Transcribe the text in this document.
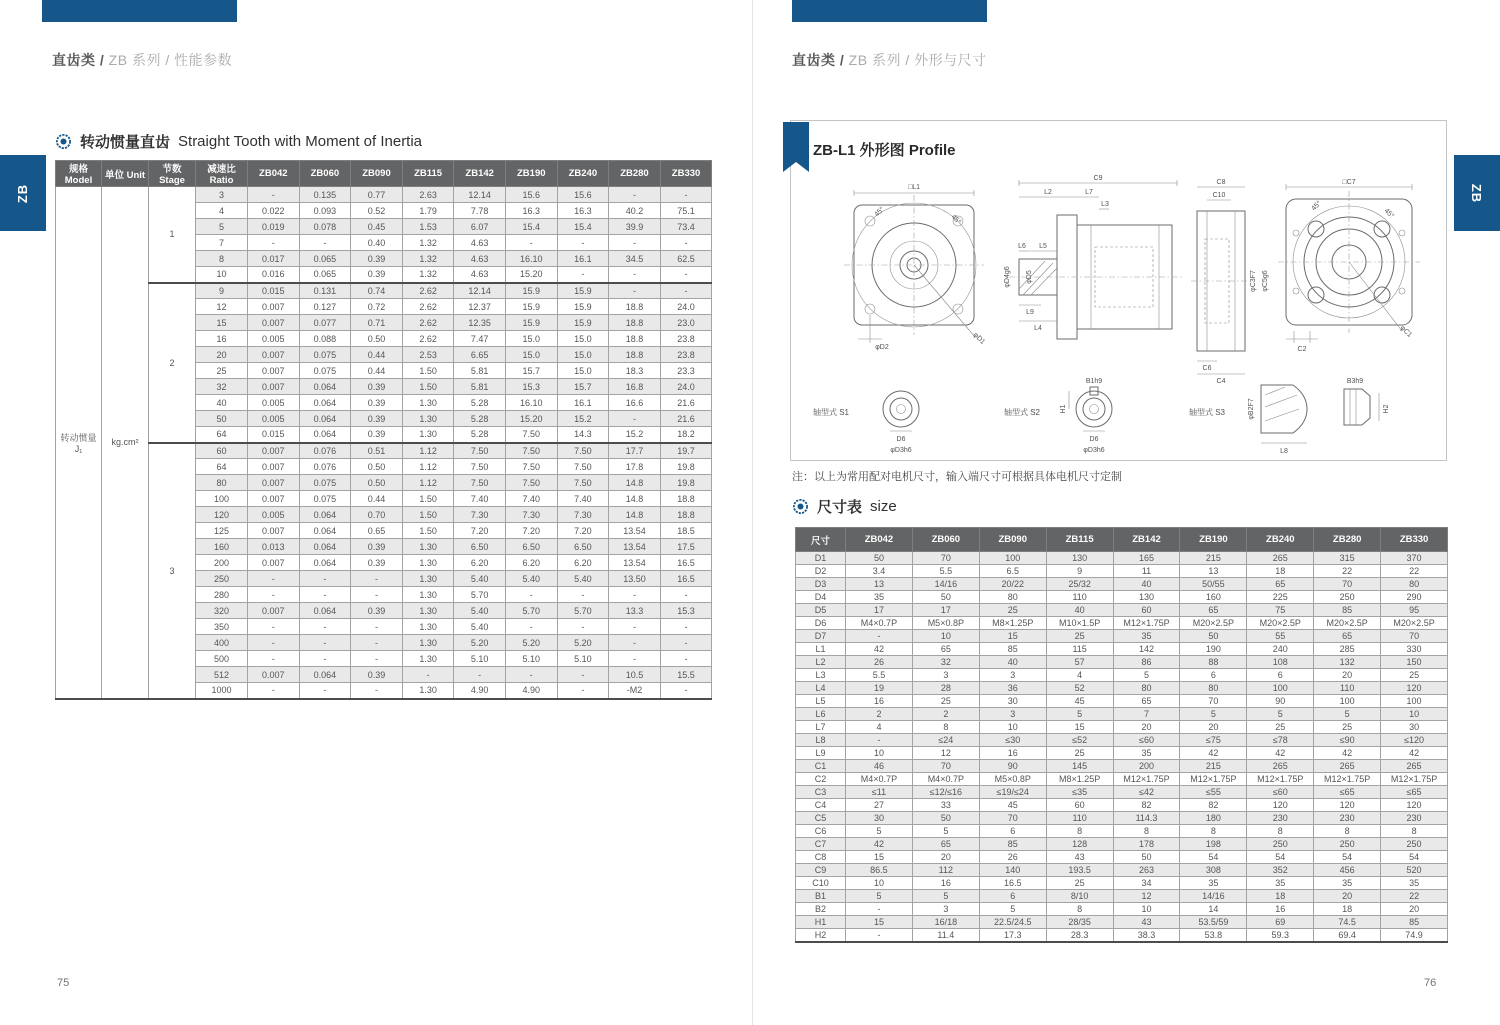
直齿类 / ZB 系列 / 性能参数
ZB
转动惯量直齿 Straight Tooth with Moment of Inertia
规格 Model	单位 Unit	节数 Stage	减速比 Ratio	ZB042	ZB060	ZB090	ZB115	ZB142	ZB190	ZB240	ZB280	ZB330
转动惯量 J₁	kg.cm²	1	3	-	0.135	0.77	2.63	12.14	15.6	15.6	-	-
			4	0.022	0.093	0.52	1.79	7.78	16.3	16.3	40.2	75.1
			5	0.019	0.078	0.45	1.53	6.07	15.4	15.4	39.9	73.4
			7	-	-	0.40	1.32	4.63	-	-	-	-
			8	0.017	0.065	0.39	1.32	4.63	16.10	16.1	34.5	62.5
			10	0.016	0.065	0.39	1.32	4.63	15.20	-	-	-
		2	9	0.015	0.131	0.74	2.62	12.14	15.9	15.9	-	-
			12	0.007	0.127	0.72	2.62	12.37	15.9	15.9	18.8	24.0
			15	0.007	0.077	0.71	2.62	12.35	15.9	15.9	18.8	23.0
			16	0.005	0.088	0.50	2.62	7.47	15.0	15.0	18.8	23.8
			20	0.007	0.075	0.44	2.53	6.65	15.0	15.0	18.8	23.8
			25	0.007	0.075	0.44	1.50	5.81	15.7	15.0	18.3	23.3
			32	0.007	0.064	0.39	1.50	5.81	15.3	15.7	16.8	24.0
			40	0.005	0.064	0.39	1.30	5.28	16.10	16.1	16.6	21.6
			50	0.005	0.064	0.39	1.30	5.28	15.20	15.2	-	21.6
			64	0.015	0.064	0.39	1.30	5.28	7.50	14.3	15.2	18.2
		3	60	0.007	0.076	0.51	1.12	7.50	7.50	7.50	17.7	19.7
			64	0.007	0.076	0.50	1.12	7.50	7.50	7.50	17.8	19.8
			80	0.007	0.075	0.50	1.12	7.50	7.50	7.50	14.8	19.8
			100	0.007	0.075	0.44	1.50	7.40	7.40	7.40	14.8	18.8
			120	0.005	0.064	0.70	1.50	7.30	7.30	7.30	14.8	18.8
			125	0.007	0.064	0.65	1.50	7.20	7.20	7.20	13.54	18.5
			160	0.013	0.064	0.39	1.30	6.50	6.50	6.50	13.54	17.5
			200	0.007	0.064	0.39	1.30	6.20	6.20	6.20	13.54	16.5
			250	-	-	-	1.30	5.40	5.40	5.40	13.50	16.5
			280	-	-	-	1.30	5.70	-	-	-	-
			320	0.007	0.064	0.39	1.30	5.40	5.70	5.70	13.3	15.3
			350	-	-	-	1.30	5.40	-	-	-	-
			400	-	-	-	1.30	5.20	5.20	5.20	-	-
			500	-	-	-	1.30	5.10	5.10	5.10	-	-
			512	0.007	0.064	0.39	-	-	-	-	10.5	15.5
			1000	-	-	-	1.30	4.90	4.90	-	-M2	-
75
直齿类 / ZB 系列 / 外形与尺寸
ZB
ZB-L1 外形图 Profile
□L1
45°
45°
φD2
φD1
C9
L2	L7
L3
L6 L5
φD4g6 φD5
L9
L4
C8
C10
φC3F7 φC5g6
C6
C4
□C7
45°
45°
C2
φC1
轴型式 S1
D6
φD3h6
轴型式 S2
B1h9
H1
D6
φD3h6
轴型式 S3	φB2F7
L8
B3h9
H2
注：以上为常用配对电机尺寸，输入端尺寸可根据具体电机尺寸定制
尺寸表 size
尺寸	ZB042	ZB060	ZB090	ZB115	ZB142	ZB190	ZB240	ZB280	ZB330
D1	50	70	100	130	165	215	265	315	370
D2	3.4	5.5	6.5	9	11	13	18	22	22
D3	13	14/16	20/22	25/32	40	50/55	65	70	80
D4	35	50	80	110	130	160	225	250	290
D5	17	17	25	40	60	65	75	85	95
D6	M4×0.7P	M5×0.8P	M8×1.25P	M10×1.5P	M12×1.75P	M20×2.5P	M20×2.5P	M20×2.5P	M20×2.5P
D7	-	10	15	25	35	50	55	65	70
L1	42	65	85	115	142	190	240	285	330
L2	26	32	40	57	86	88	108	132	150
L3	5.5	3	3	4	5	6	6	20	25
L4	19	28	36	52	80	80	100	110	120
L5	16	25	30	45	65	70	90	100	100
L6	2	2	3	5	7	5	5	5	10
L7	4	8	10	15	20	20	25	25	30
L8	-	≤24	≤30	≤52	≤60	≤75	≤78	≤90	≤120
L9	10	12	16	25	35	42	42	42	42
C1	46	70	90	145	200	215	265	265	265
C2	M4×0.7P	M4×0.7P	M5×0.8P	M8×1.25P	M12×1.75P	M12×1.75P	M12×1.75P	M12×1.75P	M12×1.75P
C3	≤11	≤12/≤16	≤19/≤24	≤35	≤42	≤55	≤60	≤65	≤65
C4	27	33	45	60	82	82	120	120	120
C5	30	50	70	110	114.3	180	230	230	230
C6	5	5	6	8	8	8	8	8	8
C7	42	65	85	128	178	198	250	250	250
C8	15	20	26	43	50	54	54	54	54
C9	86.5	112	140	193.5	263	308	352	456	520
C10	10	16	16.5	25	34	35	35	35	35
B1	5	5	6	8/10	12	14/16	18	20	22
B2	-	3	5	8	10	14	16	18	20
H1	15	16/18	22.5/24.5	28/35	43	53.5/59	69	74.5	85
H2	-	11.4	17.3	28.3	38.3	53.8	59.3	69.4	74.9
76
